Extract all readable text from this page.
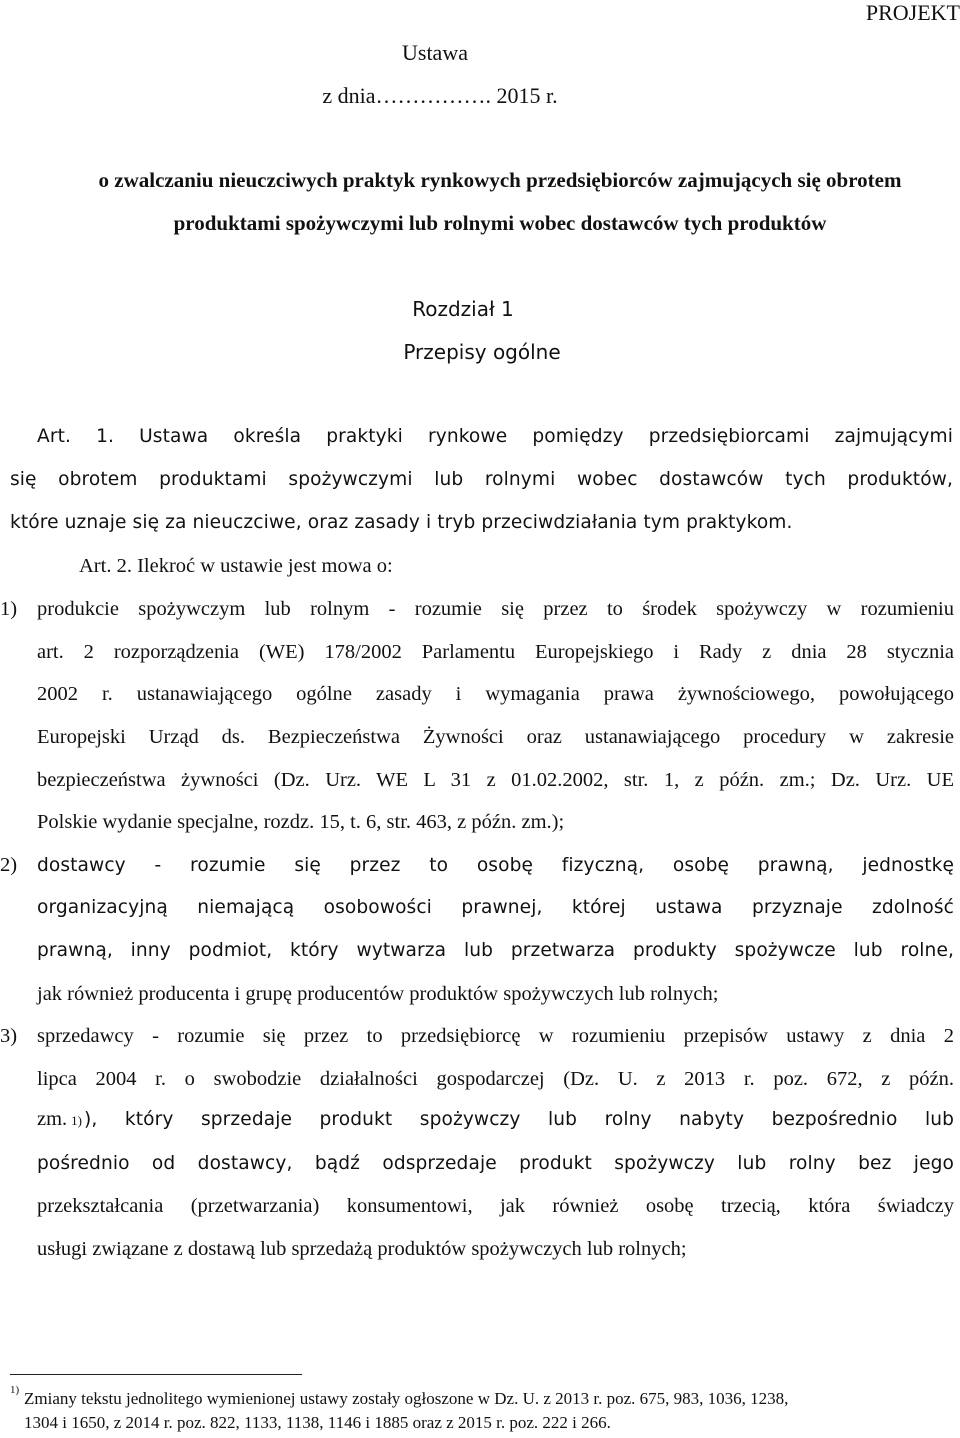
PROJEKT
Ustawa
z dnia……………. 2015 r.
o zwalczaniu nieuczciwych praktyk rynkowych przedsiębiorców zajmujących się obrotem
produktami spożywczymi lub rolnymi wobec dostawców tych produktów
Rozdział 1
Przepisy ogólne
Art. 1. Ustawa określa praktyki rynkowe pomiędzy przedsiębiorcami zajmującymi
się obrotem produktami spożywczymi lub rolnymi wobec dostawców tych produktów,
które uznaje się za nieuczciwe, oraz zasady i tryb przeciwdziałania tym praktykom.
Art. 2. Ilekroć w ustawie jest mowa o:
1) produkcie spożywczym lub rolnym - rozumie się przez to środek spożywczy w rozumieniu
art. 2 rozporządzenia (WE) 178/2002 Parlamentu Europejskiego i Rady z dnia 28 stycznia
2002 r. ustanawiającego ogólne zasady i wymagania prawa żywnościowego, powołującego
Europejski Urząd ds. Bezpieczeństwa Żywności oraz ustanawiającego procedury w zakresie
bezpieczeństwa żywności (Dz. Urz. WE L 31 z 01.02.2002, str. 1, z późn. zm.; Dz. Urz. UE
Polskie wydanie specjalne, rozdz. 15, t. 6, str. 463, z późn. zm.);
2) dostawcy - rozumie się przez to osobę fizyczną, osobę prawną, jednostkę
organizacyjną niemającą osobowości prawnej, której ustawa przyznaje zdolność
prawną, inny podmiot, który wytwarza lub przetwarza produkty spożywcze lub rolne,
jak również producenta i grupę producentów produktów spożywczych lub rolnych;
3) sprzedawcy - rozumie się przez to przedsiębiorcę w rozumieniu przepisów ustawy z dnia 2
lipca 2004 r. o swobodzie działalności gospodarczej (Dz. U. z 2013 r. poz. 672, z późn.
zm. 1) ), który sprzedaje produkt spożywczy lub rolny nabyty bezpośrednio lub
pośrednio od dostawcy, bądź odsprzedaje produkt spożywczy lub rolny bez jego
przekształcania (przetwarzania) konsumentowi, jak również osobę trzecią, która świadczy
usługi związane z dostawą lub sprzedażą produktów spożywczych lub rolnych;
1) Zmiany tekstu jednolitego wymienionej ustawy zostały ogłoszone w Dz. U. z 2013 r. poz. 675, 983, 1036, 1238,
1304 i 1650, z 2014 r. poz. 822, 1133, 1138, 1146 i 1885 oraz z 2015 r. poz. 222 i 266.
